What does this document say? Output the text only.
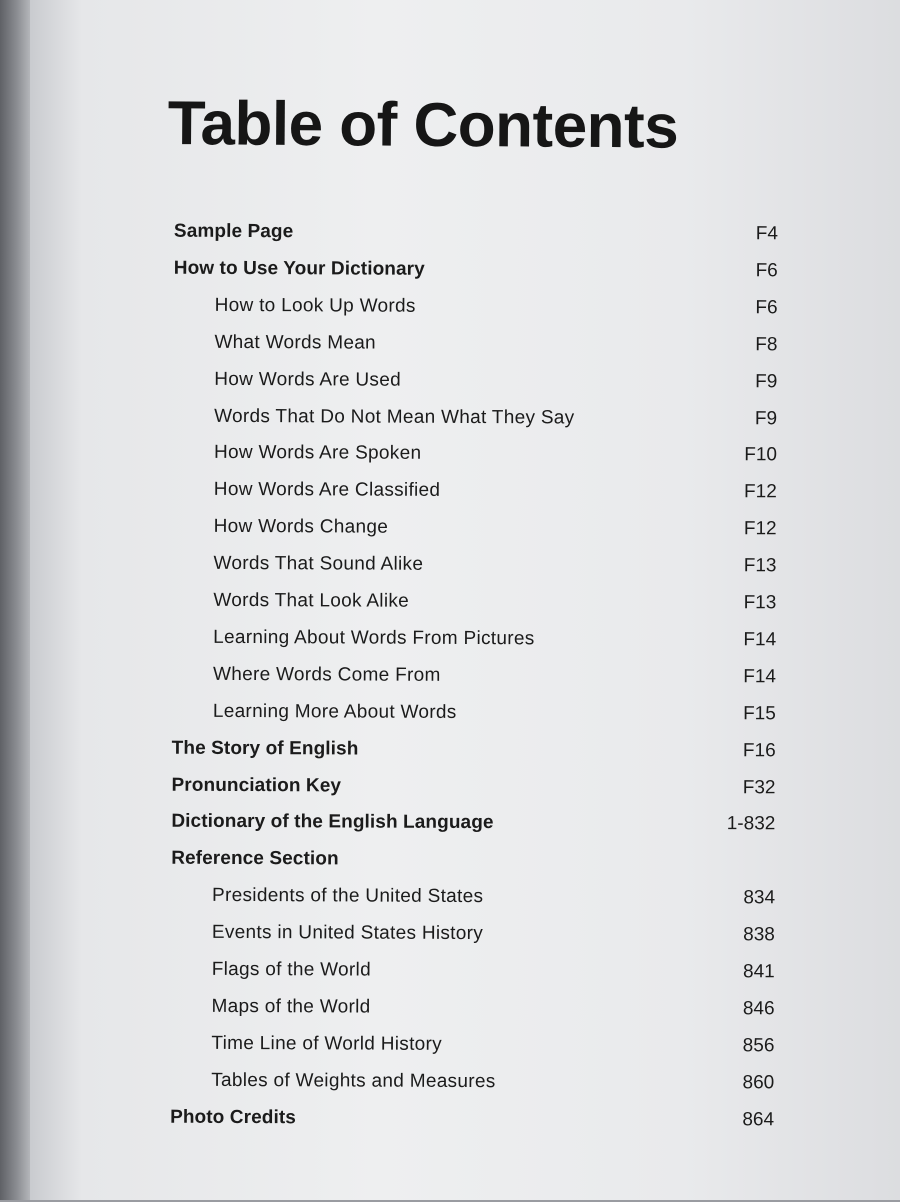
Table of Contents
Sample Page	F4
How to Use Your Dictionary	F6
How to Look Up Words	F6
What Words Mean	F8
How Words Are Used	F9
Words That Do Not Mean What They Say	F9
How Words Are Spoken	F10
How Words Are Classified	F12
How Words Change	F12
Words That Sound Alike	F13
Words That Look Alike	F13
Learning About Words From Pictures	F14
Where Words Come From	F14
Learning More About Words	F15
The Story of English	F16
Pronunciation Key	F32
Dictionary of the English Language	1-832
Reference Section
Presidents of the United States	834
Events in United States History	838
Flags of the World	841
Maps of the World	846
Time Line of World History	856
Tables of Weights and Measures	860
Photo Credits	864
